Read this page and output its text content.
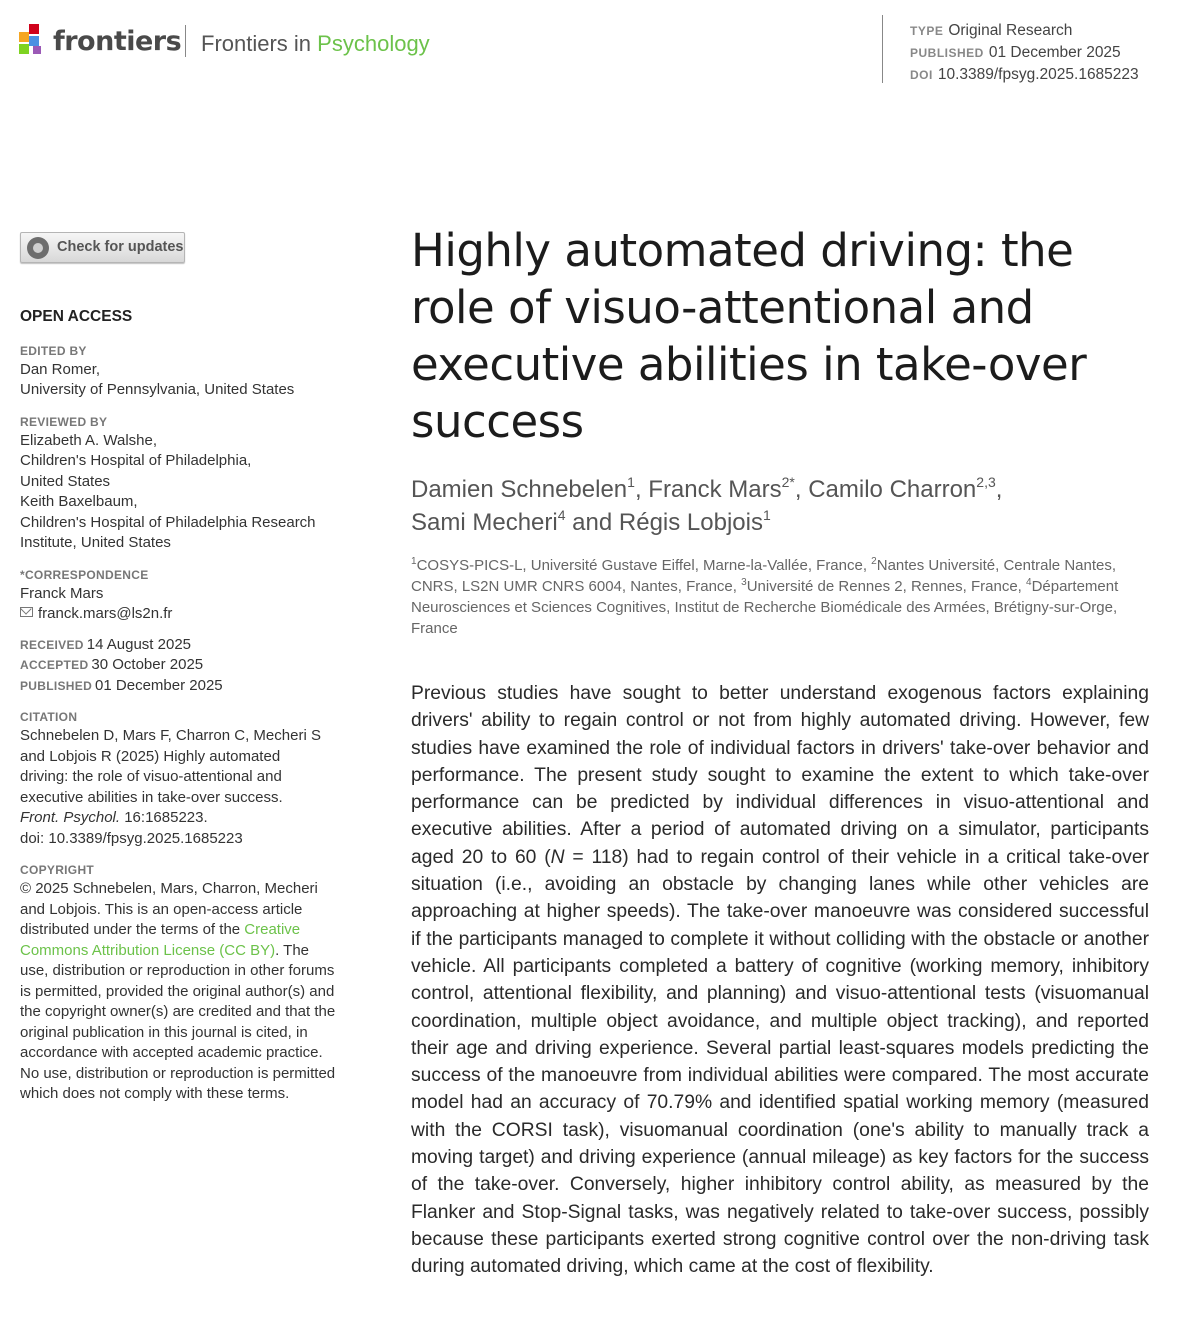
frontiers Frontiers in Psychology	TYPE Original Research
PUBLISHED 01 December 2025
DOI 10.3389/fpsyg.2025.1685223
Check for updates
OPEN ACCESS
EDITED BY
Dan Romer,
University of Pennsylvania, United States
REVIEWED BY
Elizabeth A. Walshe,
Children's Hospital of Philadelphia,
United States
Keith Baxelbaum,
Children's Hospital of Philadelphia Research
Institute, United States
*CORRESPONDENCE
Franck Mars
franck.mars@ls2n.fr
RECEIVED 14 August 2025
ACCEPTED 30 October 2025
PUBLISHED 01 December 2025
CITATION
Schnebelen D, Mars F, Charron C, Mecheri S and Lobjois R (2025) Highly automated driving: the role of visuo-attentional and executive abilities in take-over success.
Front. Psychol. 16:1685223.
doi: 10.3389/fpsyg.2025.1685223
COPYRIGHT
© 2025 Schnebelen, Mars, Charron, Mecheri and Lobjois. This is an open-access article distributed under the terms of the Creative Commons Attribution License (CC BY). The use, distribution or reproduction in other forums is permitted, provided the original author(s) and the copyright owner(s) are credited and that the original publication in this journal is cited, in accordance with accepted academic practice. No use, distribution or reproduction is permitted which does not comply with these terms.
Highly automated driving: the role of visuo-attentional and executive abilities in take-over success
Damien Schnebelen$^1$, Franck Mars$^{2*}$, Camilo Charron$^{2,3}$,
Sami Mecheri$^4$ and Régis Lobjois$^1$
$^1$COSYS-PICS-L, Université Gustave Eiffel, Marne-la-Vallée, France, $^2$Nantes Université, Centrale Nantes, CNRS, LS2N UMR CNRS 6004, Nantes, France, $^3$Université de Rennes 2, Rennes, France, $^4$Département Neurosciences et Sciences Cognitives, Institut de Recherche Biomédicale des Armées, Brétigny-sur-Orge, France
Previous studies have sought to better understand exogenous factors explaining drivers' ability to regain control or not from highly automated driving. However, few studies have examined the role of individual factors in drivers' take-over behavior and performance. The present study sought to examine the extent to which take-over performance can be predicted by individual differences in visuo-attentional and executive abilities. After a period of automated driving on a simulator, participants aged 20 to 60 (N = 118) had to regain control of their vehicle in a critical take-over situation (i.e., avoiding an obstacle by changing lanes while other vehicles are approaching at higher speeds). The take-over manoeuvre was considered successful if the participants managed to complete it without colliding with the obstacle or another vehicle. All participants completed a battery of cognitive (working memory, inhibitory control, attentional flexibility, and planning) and visuo-attentional tests (visuomanual coordination, multiple object avoidance, and multiple object tracking), and reported their age and driving experience. Several partial least-squares models predicting the success of the manoeuvre from individual abilities were compared. The most accurate model had an accuracy of 70.79% and identified spatial working memory (measured with the CORSI task), visuomanual coordination (one's ability to manually track a moving target) and driving experience (annual mileage) as key factors for the success of the take-over. Conversely, higher inhibitory control ability, as measured by the Flanker and Stop-Signal tasks, was negatively related to take-over success, possibly because these participants exerted strong cognitive control over the non-driving task during automated driving, which came at the cost of flexibility.
